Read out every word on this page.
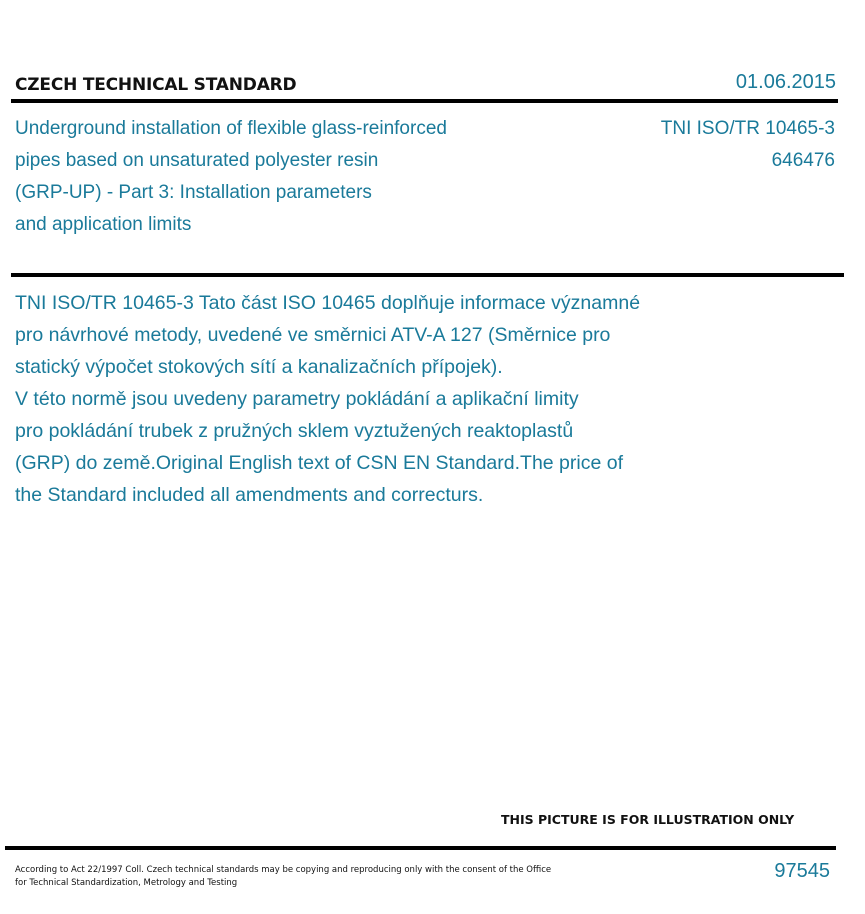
CZECH TECHNICAL STANDARD	01.06.2015
Underground installation of flexible glass-reinforced
pipes based on unsaturated polyester resin
(GRP-UP) - Part 3: Installation parameters
and application limits
TNI ISO/TR 10465-3
646476
TNI ISO/TR 10465-3 Tato část ISO 10465 doplňuje informace významné
pro návrhové metody, uvedené ve směrnici ATV-A 127 (Směrnice pro
statický výpočet stokových sítí a kanalizačních přípojek).
V této normě jsou uvedeny parametry pokládání a aplikační limity
pro pokládání trubek z pružných sklem vyztužených reaktoplastů
(GRP) do země.Original English text of CSN EN Standard.The price of
the Standard included all amendments and correcturs.
THIS PICTURE IS FOR ILLUSTRATION ONLY
According to Act 22/1997 Coll. Czech technical standards may be copying and reproducing only with the consent of the Office
for Technical Standardization, Metrology and Testing
97545
